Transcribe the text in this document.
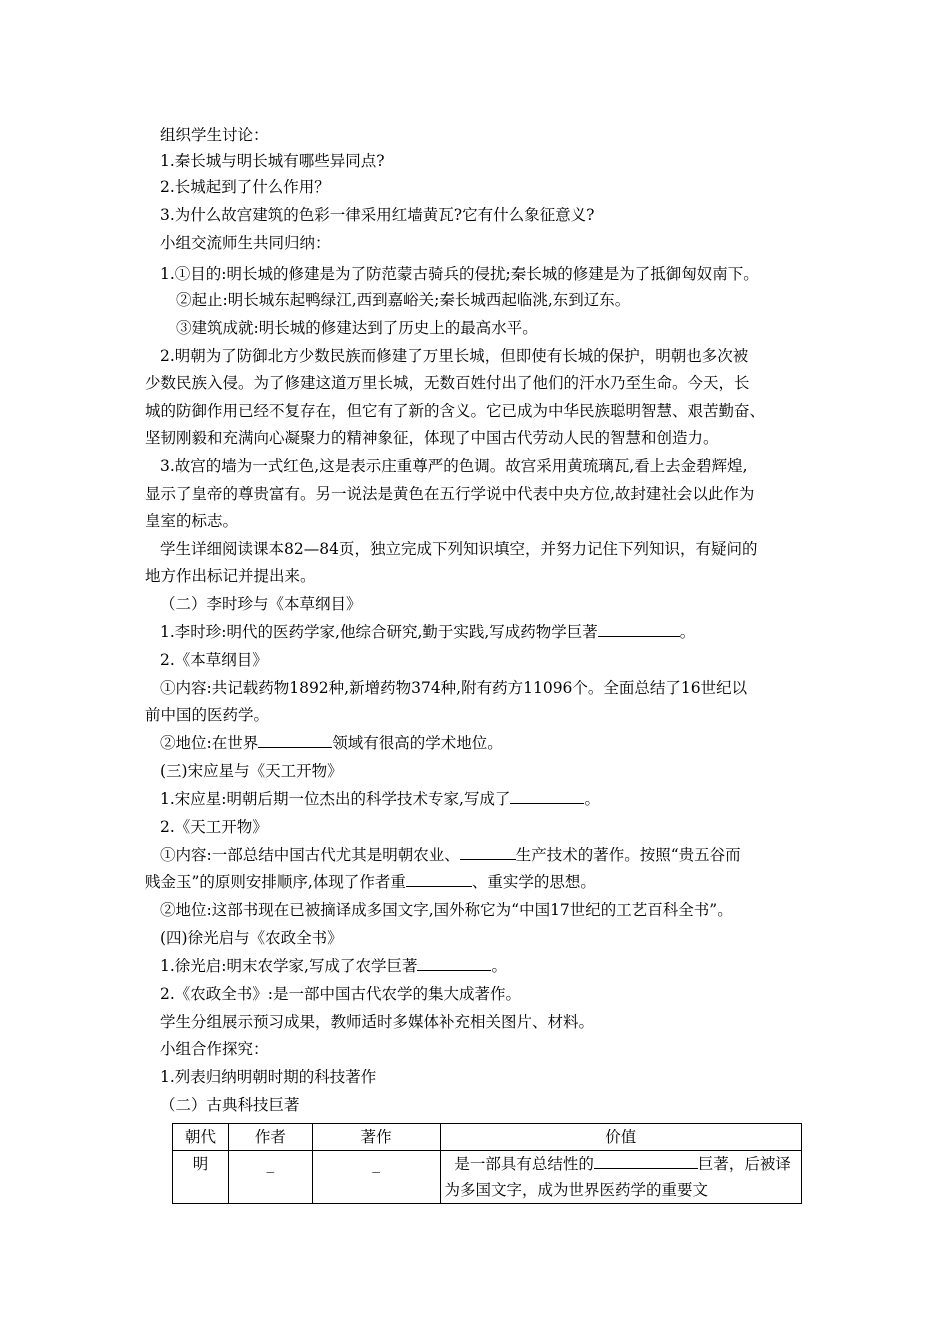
组织学生讨论：
1.秦长城与明长城有哪些异同点?
2.长城起到了什么作用？
3.为什么故宫建筑的色彩一律采用红墙黄瓦?它有什么象征意义?
小组交流师生共同归纳：
1.①目的:明长城的修建是为了防范蒙古骑兵的侵扰;秦长城的修建是为了抵御匈奴南下。
②起止:明长城东起鸭绿江,西到嘉峪关;秦长城西起临洮,东到辽东。
③建筑成就:明长城的修建达到了历史上的最高水平。
2.明朝为了防御北方少数民族而修建了万里长城，但即使有长城的保护，明朝也多次被
少数民族入侵。为了修建这道万里长城，无数百姓付出了他们的汗水乃至生命。今天，长
城的防御作用已经不复存在，但它有了新的含义。它已成为中华民族聪明智慧、艰苦勤奋、
坚韧刚毅和充满向心凝聚力的精神象征，体现了中国古代劳动人民的智慧和创造力。
3.故宫的墙为一式红色,这是表示庄重尊严的色调。故宫采用黄琉璃瓦,看上去金碧辉煌,
显示了皇帝的尊贵富有。另一说法是黄色在五行学说中代表中央方位,故封建社会以此作为
皇室的标志。
学生详细阅读课本82—84页，独立完成下列知识填空，并努力记住下列知识，有疑问的
地方作出标记并提出来。
（二）李时珍与《本草纲目》
1.李时珍:明代的医药学家,他综合研究,勤于实践,写成药物学巨著	。
2.《本草纲目》
①内容:共记载药物1892种,新增药物374种,附有药方11096个。全面总结了16世纪以
前中国的医药学。
②地位:在世界	领域有很高的学术地位。
(三)宋应星与《天工开物》
1.宋应星:明朝后期一位杰出的科学技术专家,写成了	。
2.《天工开物》
①内容:一部总结中国古代尤其是明朝农业、	生产技术的著作。按照“贵五谷而
贱金玉”的原则安排顺序,体现了作者重	、重实学的思想。
②地位:这部书现在已被摘译成多国文字,国外称它为“中国17世纪的工艺百科全书”。
(四)徐光启与《农政全书》
1.徐光启:明末农学家,写成了农学巨著	。
2.《农政全书》:是一部中国古代农学的集大成著作。
学生分组展示预习成果，教师适时多媒体补充相关图片、材料。
小组合作探究：
1.列表归纳明朝时期的科技著作
（二）古典科技巨著
朝代	作者	著作	价值
明	_	_	是一部具有总结性的 巨著，后被译为多国文字，成为世界医药学的重要文
